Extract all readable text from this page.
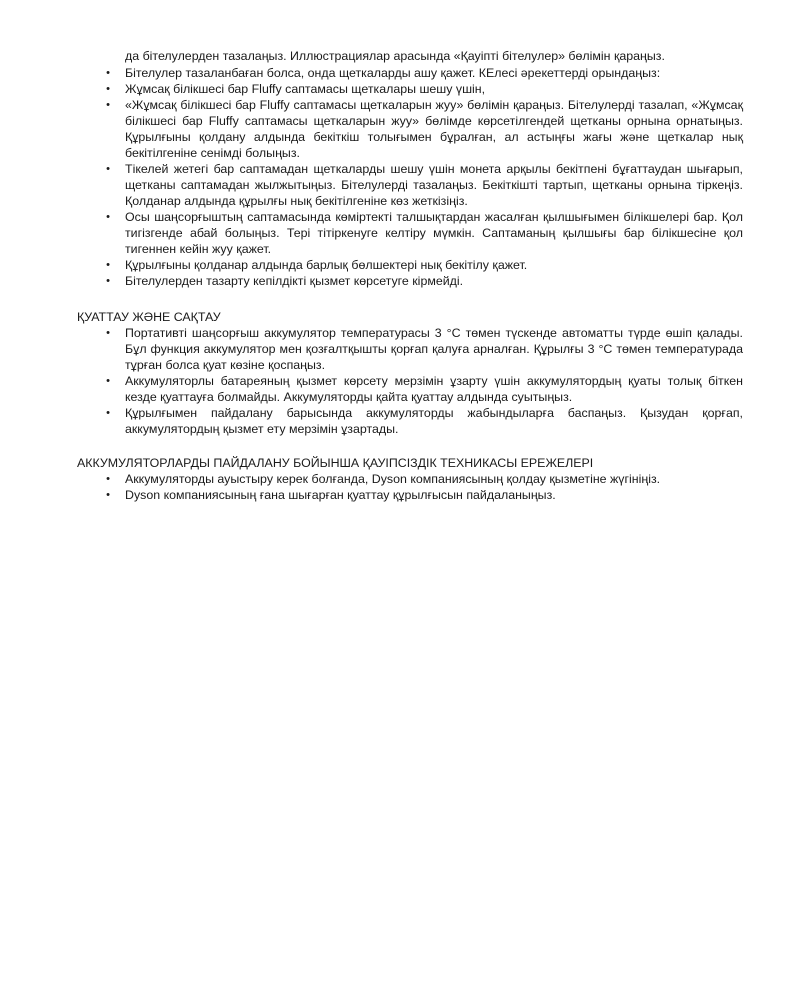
да бітелулерден тазалаңыз. Иллюстрациялар арасында «Қауіпті бітелулер» бөлімін қараңыз.

• Бітелулер тазаланбаған болса, онда щеткаларды ашу қажет. КЕлесі әрекеттерді орындаңыз:
• Жұмсақ білікшесі бар Fluffy саптамасы щеткалары шешу үшін,
• «Жұмсақ білікшесі бар Fluffy саптамасы щеткаларын жуу» бөлімін қараңыз. Бітелулерді тазалап, «Жұмсақ білікшесі бар Fluffy саптамасы щеткаларын жуу» бөлімде көрсетілгендей щетканы орнына орнатыңыз. Құрылғыны қолдану алдында бекіткіш толығымен бұралған, ал астыңғы жағы және щеткалар нық бекітілгеніне сенімді болыңыз.
• Тікелей жетегі бар саптамадан щеткаларды шешу үшін монета арқылы бекітпені бұғаттаудан шығарып, щетканы саптамадан жылжытыңыз. Бітелулерді тазалаңыз. Бекіткішті тартып, щетканы орнына тіркеңіз. Қолданар алдында құрылғы нық бекітілгеніне көз жеткізіңіз.
• Осы шаңсорғыштың саптамасында көміртекті талшықтардан жасалған қылшығымен білікшелері бар. Қол тигізгенде абай болыңыз. Тері тітіркенуге келтіру мүмкін. Саптаманың қылшығы бар білікшесіне қол тигеннен кейін жуу қажет.
• Құрылғыны қолданар алдында барлық бөлшектері нық бекітілу қажет.
• Бітелулерден тазарту кепілдікті қызмет көрсетуге кірмейді.
ҚУАТТАУ ЖӘНЕ САҚТАУ
• Портативті шаңсорғыш аккумулятор температурасы 3 °C төмен түскенде автоматты түрде өшіп қалады. Бұл функция аккумулятор мен қозғалтқышты қорғап қалуға арналған. Құрылғы 3 °C төмен температурада тұрған болса қуат көзіне қоспаңыз.
• Аккумуляторлы батареяның қызмет көрсету мерзімін ұзарту үшін аккумулятордың қуаты толық біткен кезде қуаттауға болмайды. Аккумуляторды қайта қуаттау алдында суытыңыз.
• Құрылғымен пайдалану барысында аккумуляторды жабындыларға баспаңыз. Қызудан қорғап, аккумулятордың қызмет ету мерзімін ұзартады.
АККУМУЛЯТОРЛАРДЫ ПАЙДАЛАНУ БОЙЫНША ҚАУІПСІЗДІК ТЕХНИКАСЫ ЕРЕЖЕЛЕРІ
• Аккумуляторды ауыстыру керек болғанда, Dyson компаниясының қолдау қызметіне жүгініңіз.
• Dyson компаниясының ғана шығарған қуаттау құрылғысын пайдаланыңыз.
